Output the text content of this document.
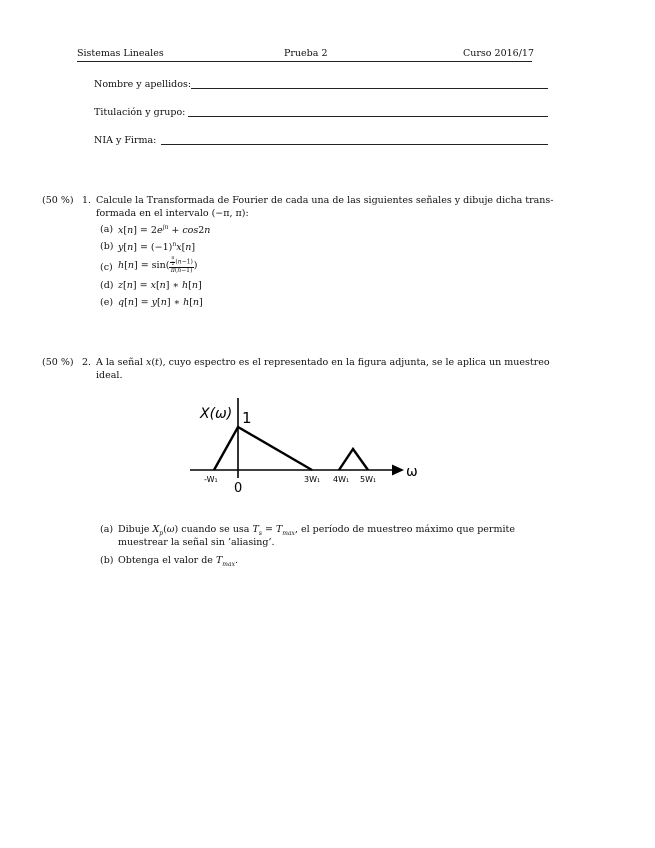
Sistemas Lineales	Prueba 2	Curso 2016/17
Nombre y apellidos:
Titulación y grupo:
NIA y Firma:
(50 %) 1. Calcule la Transformada de Fourier de cada una de las siguientes señales y dibuje dicha trans-
formada en el intervalo (−π, π):
(a) $x[n] = 2e^{jn} + \cos 2n$
(b) $y[n] = (-1)^nx[n]$
(c) $h[n] = \sin( \frac{\frac{\pi}{2} (n-1)}{\pi(n-1)}$ )
(d) z[n] = x[n] ∗ h[n]
(e) q[n] = y[n] ∗ h[n]
(50 %) 2. A la señal x(t), cuyo espectro es el representado en la figura adjunta, se le aplica un muestreo
ideal.
X(ω) 1
ω
-W₁
0
3W₁ 4W₁ 5W₁
(a) Dibuje $X_p(\omega)$ cuando se usa $T_s = T_{max}$, el período de muestreo máximo que permite
muestrear la señal sin ’aliasing’.
(b) Obtenga el valor de $T_{max}$.
